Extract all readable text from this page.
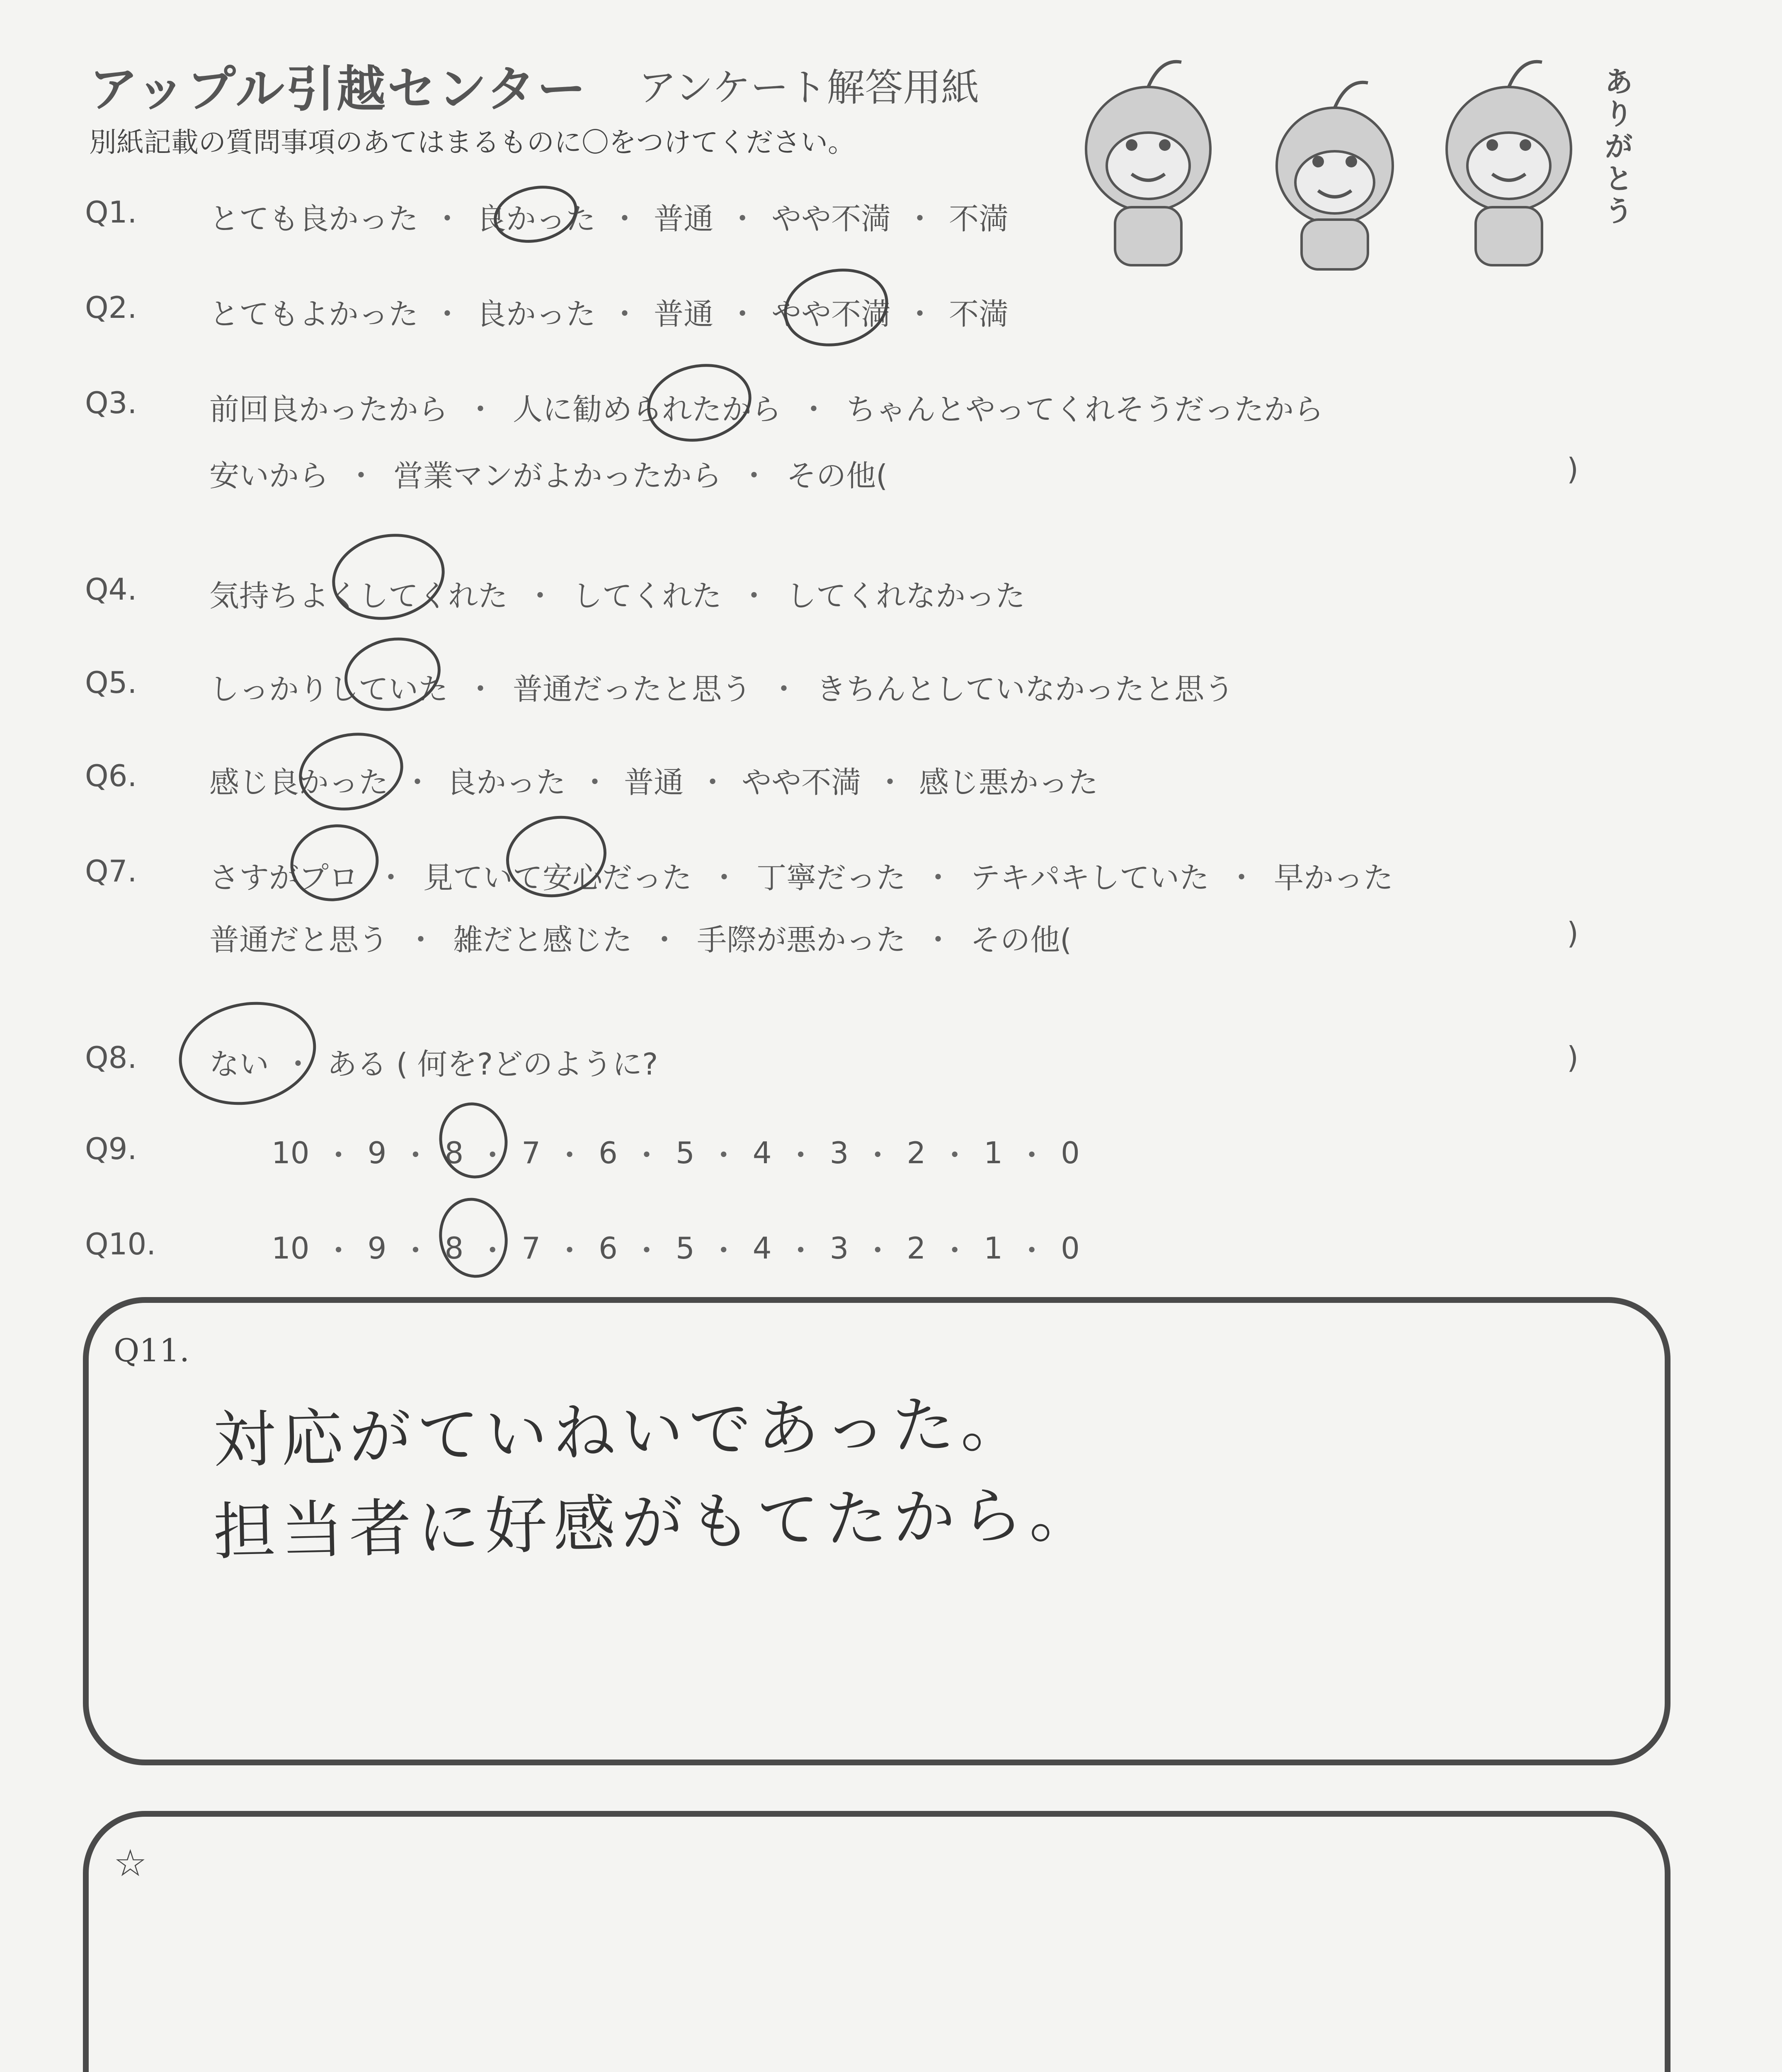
アップル引越センター アンケート解答用紙
別紙記載の質問事項のあてはまるものに〇をつけてください。	ありがとう
Q1.	とても良かった ・ 良かった ・ 普通 ・ やや不満 ・ 不満
Q2.	とてもよかった ・ 良かった ・ 普通 ・ やや不満 ・ 不満
Q3.	前回良かったから ・ 人に勧められたから ・ ちゃんとやってくれそうだったから
安いから ・ 営業マンがよかったから ・ その他(	)
Q4.	気持ちよくしてくれた ・ してくれた ・ してくれなかった
Q5.	しっかりしていた ・ 普通だったと思う ・ きちんとしていなかったと思う
Q6.	感じ良かった ・ 良かった ・ 普通 ・ やや不満 ・ 感じ悪かった
Q7.	さすがプロ ・ 見ていて安心だった ・ 丁寧だった ・ テキパキしていた ・ 早かった
普通だと思う ・ 雑だと感じた ・ 手際が悪かった ・ その他(	)
Q8.	ない ・ ある ( 何を?どのように?	)
Q9.	10 ・ 9 ・ 8 ・ 7 ・ 6 ・ 5 ・ 4 ・ 3 ・ 2 ・ 1 ・ 0
Q10.	10 ・ 9 ・ 8 ・ 7 ・ 6 ・ 5 ・ 4 ・ 3 ・ 2 ・ 1 ・ 0
Q11.
対応がていねいであった。
担当者に好感がもてたから。
☆
